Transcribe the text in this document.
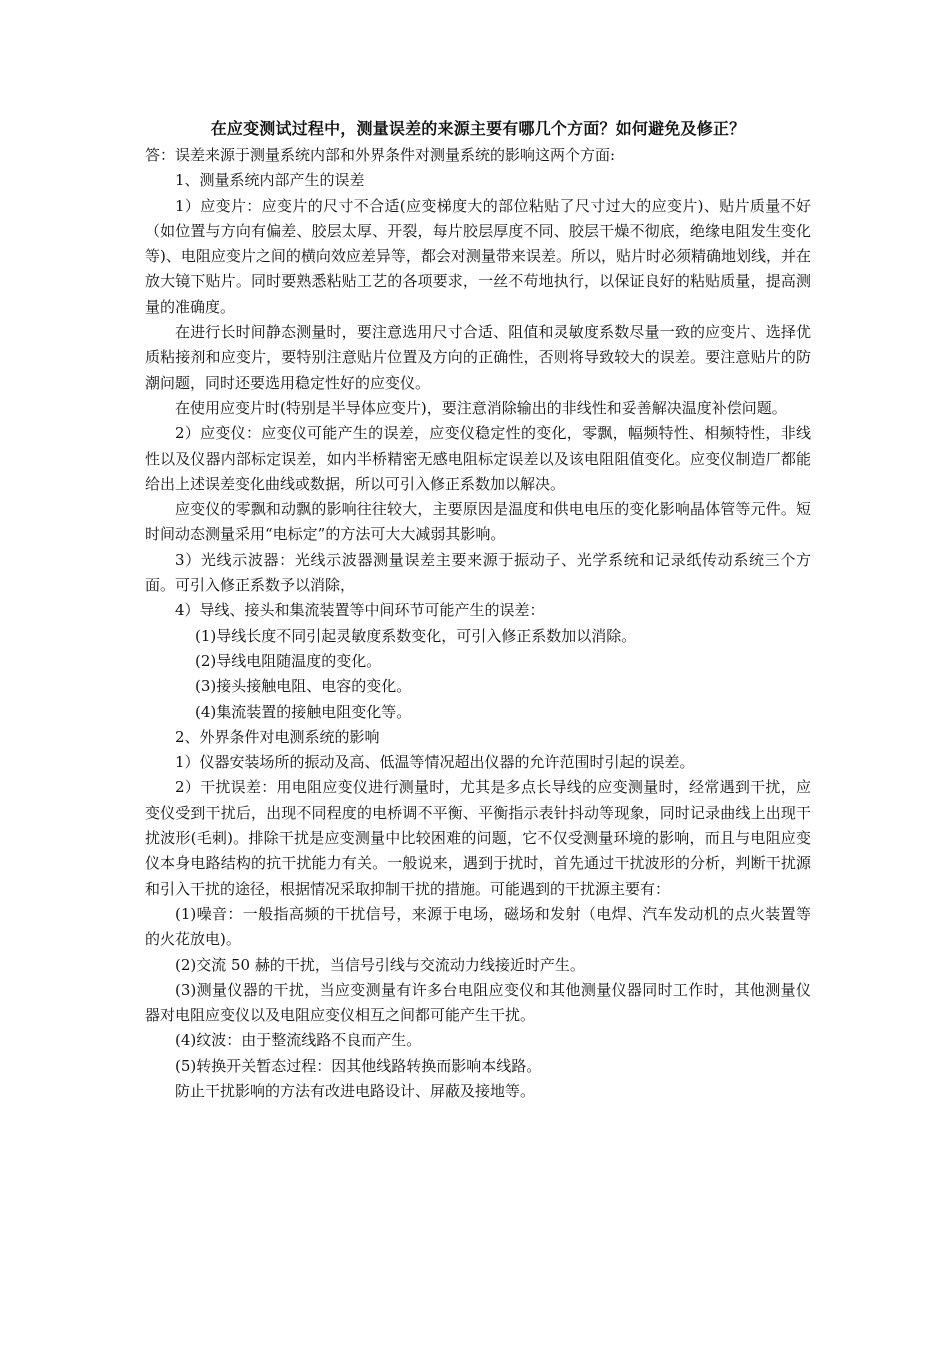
在应变测试过程中，测量误差的来源主要有哪几个方面？如何避免及修正？

答：误差来源于测量系统内部和外界条件对测量系统的影响这两个方面:

1、测量系统内部产生的误差

1）应变片：应变片的尺寸不合适(应变梯度大的部位粘贴了尺寸过大的应变片)、贴片质量不好（如位置与方向有偏差、胶层太厚、开裂，每片胶层厚度不同、胶层干燥不彻底，绝缘电阻发生变化等)、电阻应变片之间的横向效应差异等，都会对测量带来误差。所以，贴片时必须精确地划线，并在放大镜下贴片。同时要熟悉粘贴工艺的各项要求，一丝不苟地执行，以保证良好的粘贴质量，提高测量的准确度。

在进行长时间静态测量时，要注意选用尺寸合适、阻值和灵敏度系数尽量一致的应变片、选择优质粘接剂和应变片，要特别注意贴片位置及方向的正确性，否则将导致较大的误差。要注意贴片的防潮问题，同时还要选用稳定性好的应变仪。

在使用应变片时(特别是半导体应变片)，要注意消除输出的非线性和妥善解决温度补偿问题。

2）应变仪：应变仪可能产生的误差，应变仪稳定性的变化，零飘，幅频特性、相频特性，非线性以及仪器内部标定误差，如内半桥精密无感电阻标定误差以及该电阻阻值变化。应变仪制造厂都能给出上述误差变化曲线或数据，所以可引入修正系数加以解决。

应变仪的零飘和动飘的影响往往较大，主要原因是温度和供电电压的变化影响晶体管等元件。短时间动态测量采用“电标定”的方法可大大减弱其影响。

3）光线示波器：光线示波器测量误差主要来源于振动子、光学系统和记录纸传动系统三个方面。可引入修正系数予以消除，

4）导线、接头和集流装置等中间环节可能产生的误差：

(1)导线长度不同引起灵敏度系数变化，可引入修正系数加以消除。

(2)导线电阻随温度的变化。

(3)接头接触电阻、电容的变化。

(4)集流装置的接触电阻变化等。

2、外界条件对电测系统的影响

1）仪器安装场所的振动及高、低温等情况超出仪器的允许范围时引起的误差。

2）干扰误差：用电阻应变仪进行测量时，尤其是多点长导线的应变测量时，经常遇到干扰，应变仪受到干扰后，出现不同程度的电桥调不平衡、平衡指示表针抖动等现象，同时记录曲线上出现干扰波形(毛刺)。排除干扰是应变测量中比较困难的问题，它不仅受测量环境的影响，而且与电阻应变仪本身电路结构的抗干扰能力有关。一般说来，遇到于扰时，首先通过干扰波形的分析，判断干扰源和引入干扰的途径，根据情况采取抑制干扰的措施。可能遇到的干扰源主要有：

(1)噪音：一般指高频的干扰信号，来源于电场，磁场和发射（电焊、汽车发动机的点火装置等的火花放电)。

(2)交流 50 赫的干扰，当信号引线与交流动力线接近时产生。

(3)测量仪器的干扰，当应变测量有许多台电阻应变仪和其他测量仪器同时工作时，其他测量仪器对电阻应变仪以及电阻应变仪相互之间都可能产生干扰。

(4)纹波：由于整流线路不良而产生。

(5)转换开关暂态过程：因其他线路转换而影响本线路。

防止干扰影响的方法有改进电路设计、屏蔽及接地等。
